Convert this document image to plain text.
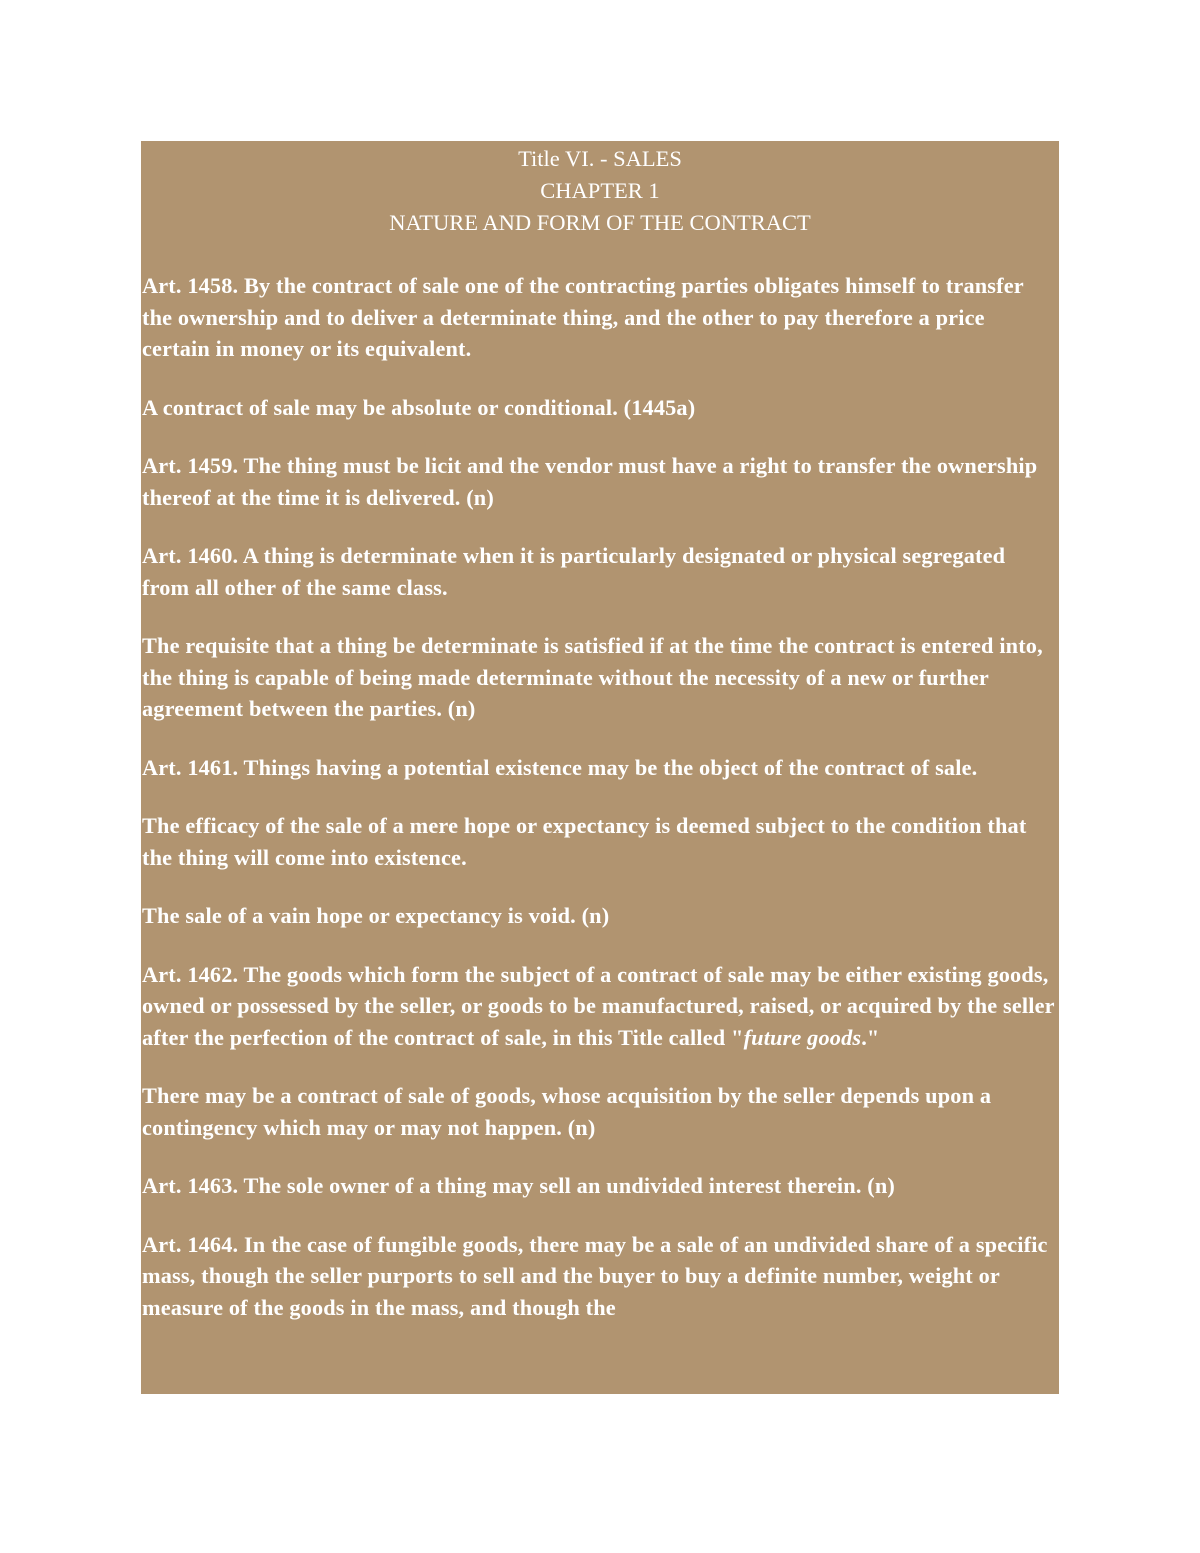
Title VI. - SALES
CHAPTER 1
NATURE AND FORM OF THE CONTRACT

Art. 1458. By the contract of sale one of the contracting parties obligates himself to transfer the ownership and to deliver a determinate thing, and the other to pay therefore a price certain in money or its equivalent.

A contract of sale may be absolute or conditional. (1445a)

Art. 1459. The thing must be licit and the vendor must have a right to transfer the ownership thereof at the time it is delivered. (n)

Art. 1460. A thing is determinate when it is particularly designated or physical segregated from all other of the same class.

The requisite that a thing be determinate is satisfied if at the time the contract is entered into, the thing is capable of being made determinate without the necessity of a new or further agreement between the parties. (n)

Art. 1461. Things having a potential existence may be the object of the contract of sale.

The efficacy of the sale of a mere hope or expectancy is deemed subject to the condition that the thing will come into existence.

The sale of a vain hope or expectancy is void. (n)

Art. 1462. The goods which form the subject of a contract of sale may be either existing goods, owned or possessed by the seller, or goods to be manufactured, raised, or acquired by the seller after the perfection of the contract of sale, in this Title called "future goods."

There may be a contract of sale of goods, whose acquisition by the seller depends upon a contingency which may or may not happen. (n)

Art. 1463. The sole owner of a thing may sell an undivided interest therein. (n)

Art. 1464. In the case of fungible goods, there may be a sale of an undivided share of a specific mass, though the seller purports to sell and the buyer to buy a definite number, weight or measure of the goods in the mass, and though the
